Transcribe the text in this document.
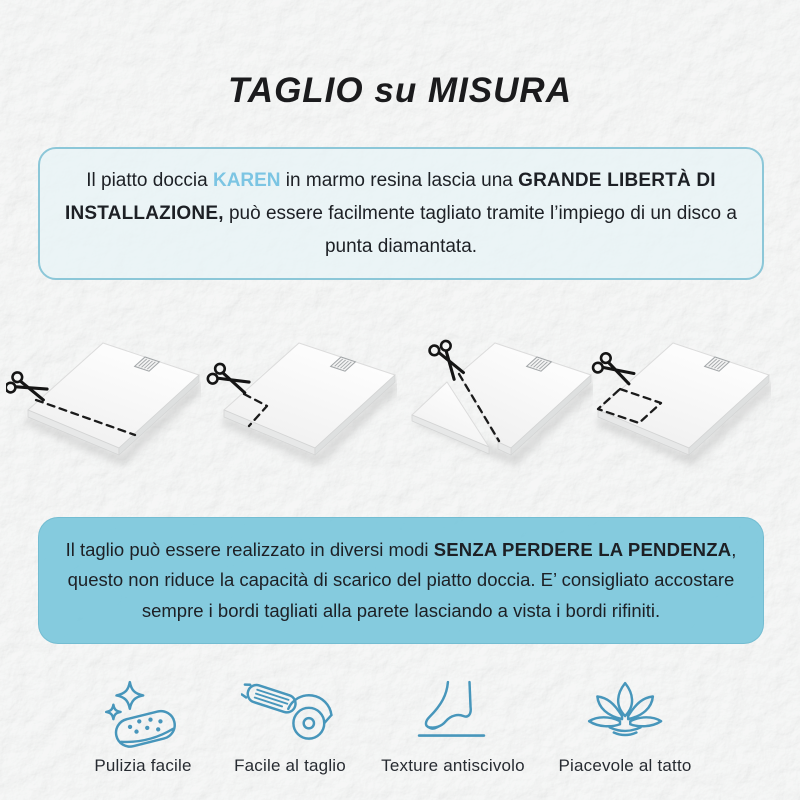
TAGLIO su MISURA

Il piatto doccia KAREN in marmo resina lascia una GRANDE LIBERTÀ DI INSTALLAZIONE, può essere facilmente tagliato tramite l’impiego di un disco a punta diamantata.

Il taglio può essere realizzato in diversi modi SENZA PERDERE LA PENDENZA, questo non riduce la capacità di scarico del piatto doccia. E’ consigliato accostare sempre i bordi tagliati alla parete lasciando a vista i bordi rifiniti.

Pulizia facile	Facile al taglio	Texture antiscivolo	Piacevole al tatto
